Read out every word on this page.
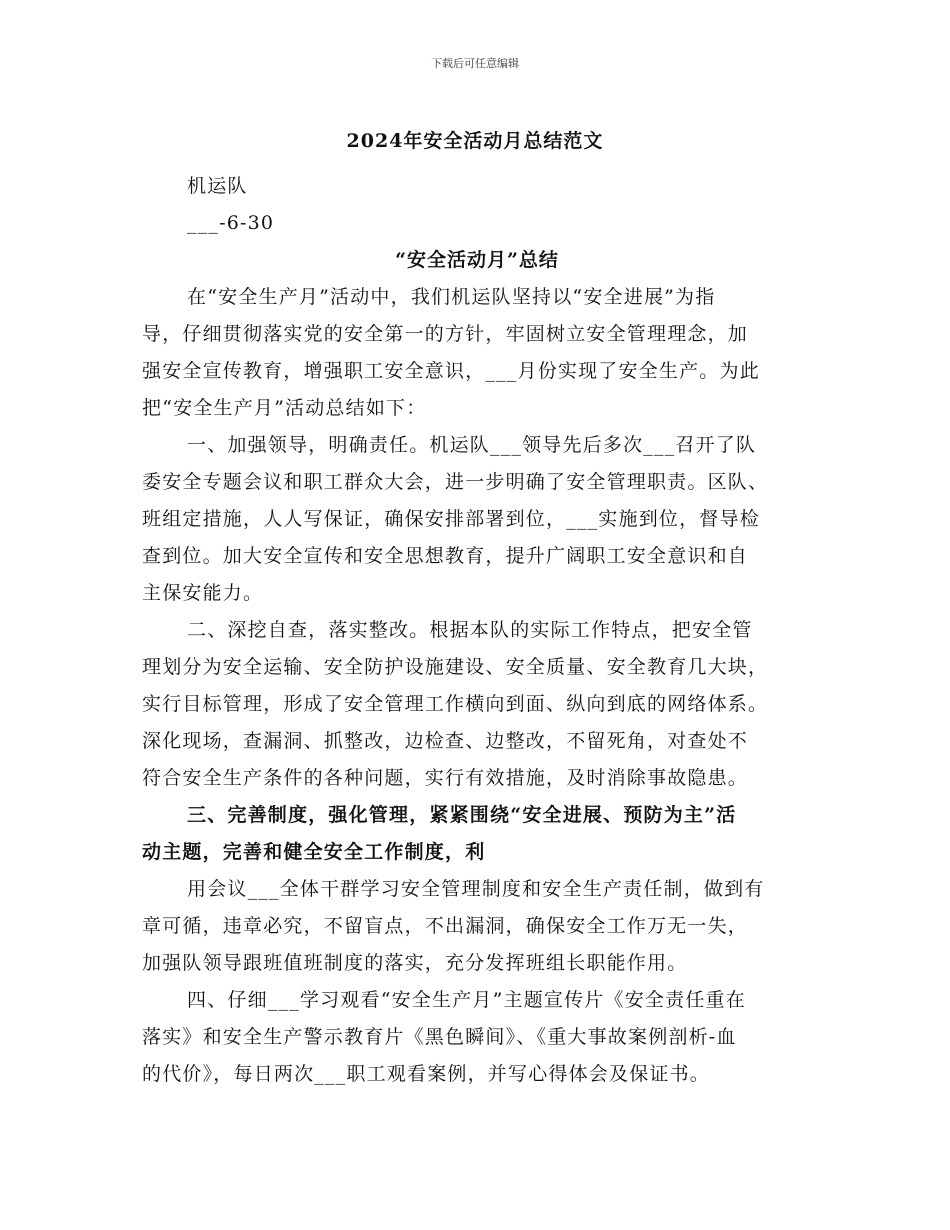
下载后可任意编辑
2024年安全活动月总结范文
机运队
___-6-30
“安全活动月”总结
在“安全生产月”活动中，我们机运队坚持以“安全进展”为指
导，仔细贯彻落实党的安全第一的方针，牢固树立安全管理理念，加
强安全宣传教育，增强职工安全意识，___月份实现了安全生产。为此
把“安全生产月”活动总结如下：
一、加强领导，明确责任。机运队___领导先后多次___召开了队
委安全专题会议和职工群众大会，进一步明确了安全管理职责。区队、
班组定措施，人人写保证，确保安排部署到位，___实施到位，督导检
查到位。加大安全宣传和安全思想教育，提升广阔职工安全意识和自
主保安能力。
二、深挖自查，落实整改。根据本队的实际工作特点，把安全管
理划分为安全运输、安全防护设施建设、安全质量、安全教育几大块，
实行目标管理，形成了安全管理工作横向到面、纵向到底的网络体系。
深化现场，查漏洞、抓整改，边检查、边整改，不留死角，对查处不
符合安全生产条件的各种问题，实行有效措施，及时消除事故隐患。
三、完善制度，强化管理，紧紧围绕“安全进展、预防为主”活
动主题，完善和健全安全工作制度，利
用会议___全体干群学习安全管理制度和安全生产责任制，做到有
章可循，违章必究，不留盲点，不出漏洞，确保安全工作万无一失，
加强队领导跟班值班制度的落实，充分发挥班组长职能作用。
四、仔细___学习观看“安全生产月”主题宣传片《安全责任重在
落实》和安全生产警示教育片《黑色瞬间》、《重大事故案例剖析-血
的代价》，每日两次___职工观看案例，并写心得体会及保证书。
